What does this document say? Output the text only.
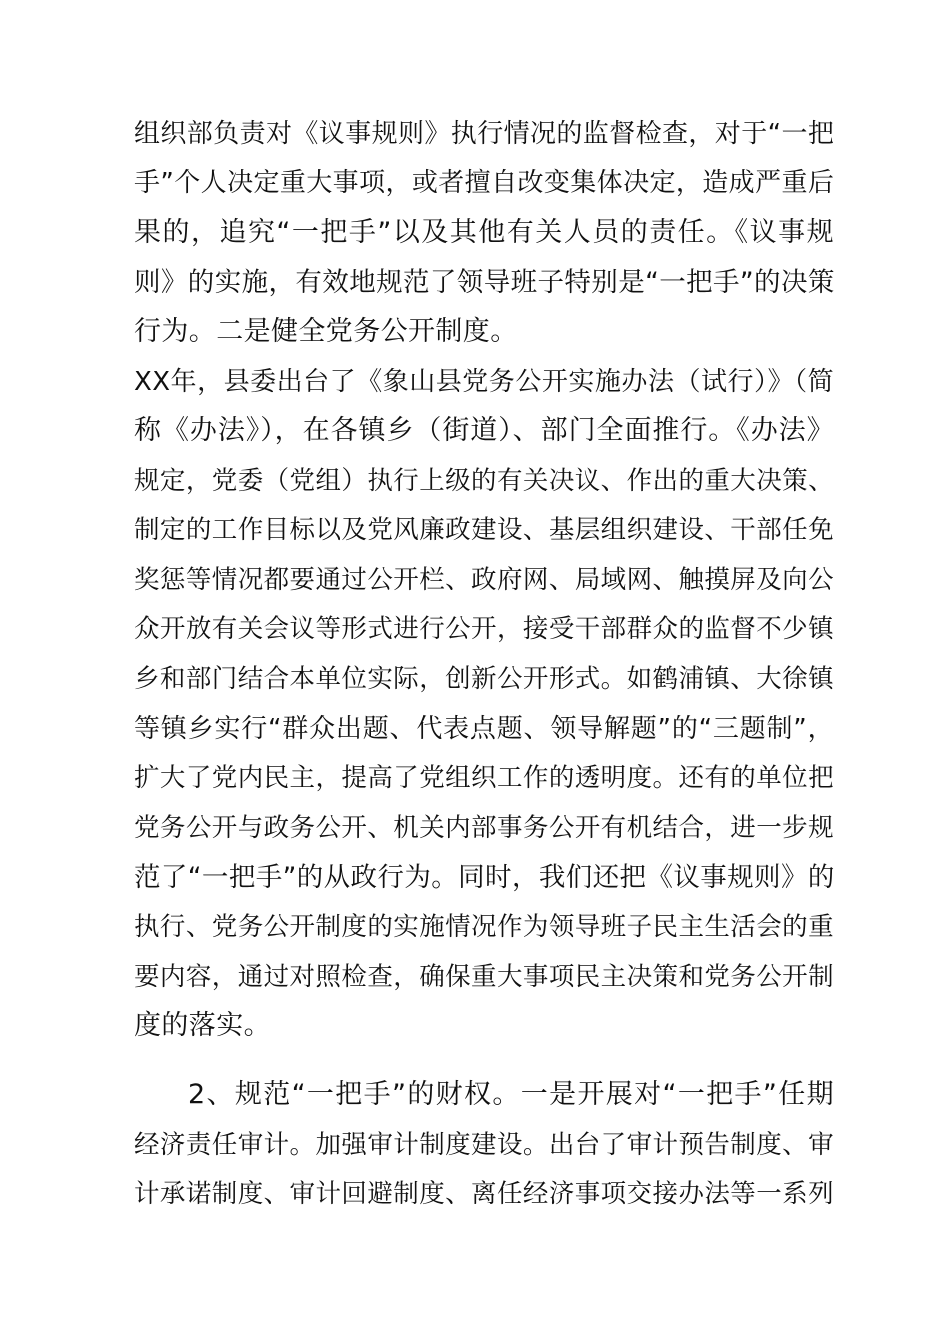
组织部负责对《议事规则》执行情况的监督检查，对于“一把
手”个人决定重大事项，或者擅自改变集体决定，造成严重后
果的，追究“一把手”以及其他有关人员的责任。《议事规
则》的实施，有效地规范了领导班子特别是“一把手”的决策
行为。二是健全党务公开制度。
XX年，县委出台了《象山县党务公开实施办法（试行）》（简
称《办法》），在各镇乡（街道）、部门全面推行。《办法》
规定，党委（党组）执行上级的有关决议、作出的重大决策、
制定的工作目标以及党风廉政建设、基层组织建设、干部任免
奖惩等情况都要通过公开栏、政府网、局域网、触摸屏及向公
众开放有关会议等形式进行公开，接受干部群众的监督不少镇
乡和部门结合本单位实际，创新公开形式。如鹤浦镇、大徐镇
等镇乡实行“群众出题、代表点题、领导解题”的“三题制”，
扩大了党内民主，提高了党组织工作的透明度。还有的单位把
党务公开与政务公开、机关内部事务公开有机结合，进一步规
范了“一把手”的从政行为。同时，我们还把《议事规则》的
执行、党务公开制度的实施情况作为领导班子民主生活会的重
要内容，通过对照检查，确保重大事项民主决策和党务公开制
度的落实。
2、规范“一把手”的财权。一是开展对“一把手”任期
经济责任审计。加强审计制度建设。出台了审计预告制度、审
计承诺制度、审计回避制度、离任经济事项交接办法等一系列
